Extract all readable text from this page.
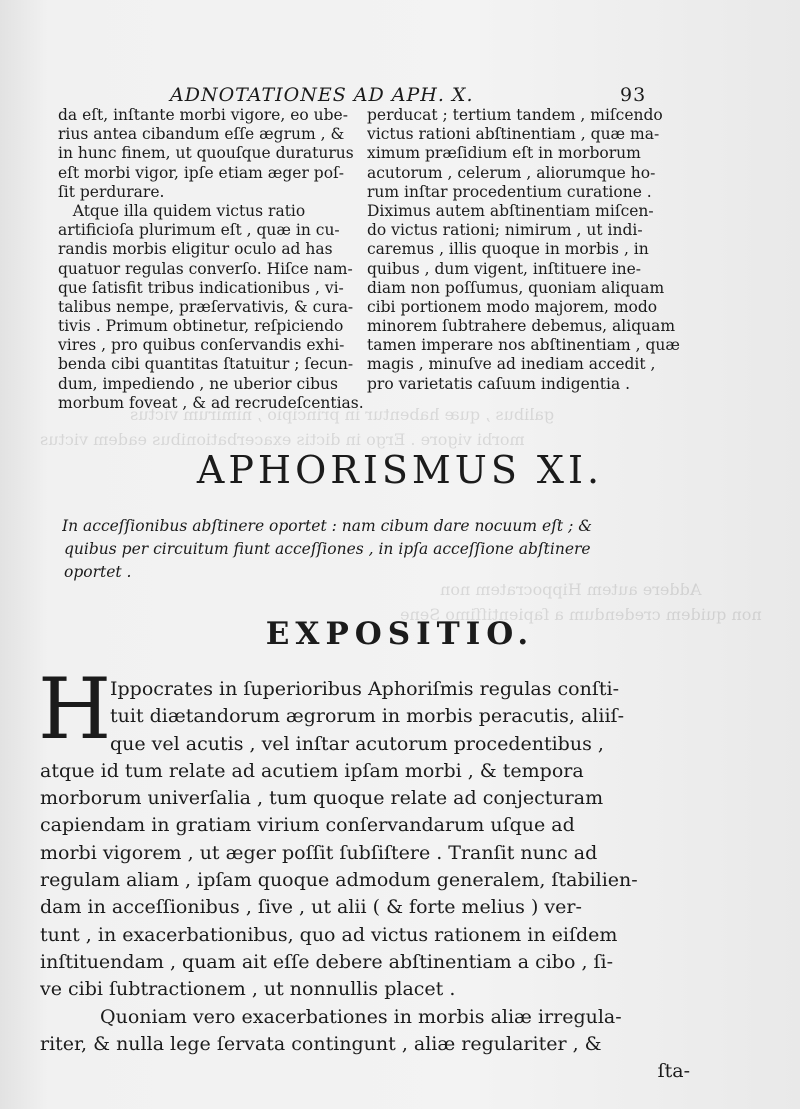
galibus , quæ habentur in principio , nimirum victus
morbi vigore . Ergo in dictis exacerbationibus eadem victus
Addere autem Hippocratem non
non quidem credendum a ſapientiſſimo Sene
ADNOTATIONES AD APH. X.	93
da eſt, inſtante morbi vigore, eo ube-
rius antea cibandum eſſe ægrum , &
in hunc finem, ut quouſque duraturus
eſt morbi vigor, ipſe etiam æger poſ-
ſit perdurare.
Atque illa quidem victus ratio
artificioſa plurimum eſt , quæ in cu-
randis morbis eligitur oculo ad has
quatuor regulas converſo. Hiſce nam-
que ſatisfit tribus indicationibus , vi-
talibus nempe, præſervativis, & cura-
tivis . Primum obtinetur, reſpiciendo
vires , pro quibus conſervandis exhi-
benda cibi quantitas ſtatuitur ; ſecun-
dum, impediendo , ne uberior cibus
morbum foveat , & ad recrudeſcentias.
perducat ; tertium tandem , miſcendo
victus rationi abſtinentiam , quæ ma-
ximum præſidium eſt in morborum
acutorum , celerum , aliorumque ho-
rum inſtar procedentium curatione .
Diximus autem abſtinentiam miſcen-
do victus rationi; nimirum , ut indi-
caremus , illis quoque in morbis , in
quibus , dum vigent, inſtituere ine-
diam non poſſumus, quoniam aliquam
cibi portionem modo majorem, modo
minorem ſubtrahere debemus, aliquam
tamen imperare nos abſtinentiam , quæ
magis , minuſve ad inediam accedit ,
pro varietatis caſuum indigentia .
APHORISMUS XI.
In acceſſionibus abſtinere oportet : nam cibum dare nocuum eſt ; &
quibus per circuitum fiunt acceſſiones , in ipſa acceſſione abſtinere
oportet .
EXPOSITIO.
H
Ippocrates in ſuperioribus Aphoriſmis regulas conſti-
tuit diætandorum ægrorum in morbis peracutis, aliiſ-
que vel acutis , vel inſtar acutorum procedentibus ,
atque id tum relate ad acutiem ipſam morbi , & tempora
morborum univerſalia , tum quoque relate ad conjecturam
capiendam in gratiam virium conſervandarum uſque ad
morbi vigorem , ut æger poſſit ſubſiſtere . Tranſit nunc ad
regulam aliam , ipſam quoque admodum generalem, ſtabilien-
dam in acceſſionibus , ſive , ut alii ( & forte melius ) ver-
tunt , in exacerbationibus, quo ad victus rationem in eiſdem
inſtituendam , quam ait eſſe debere abſtinentiam a cibo , ſi-
ve cibi ſubtractionem , ut nonnullis placet .
Quoniam vero exacerbationes in morbis aliæ irregula-
riter, & nulla lege ſervata contingunt , aliæ regulariter , &
ſta-
